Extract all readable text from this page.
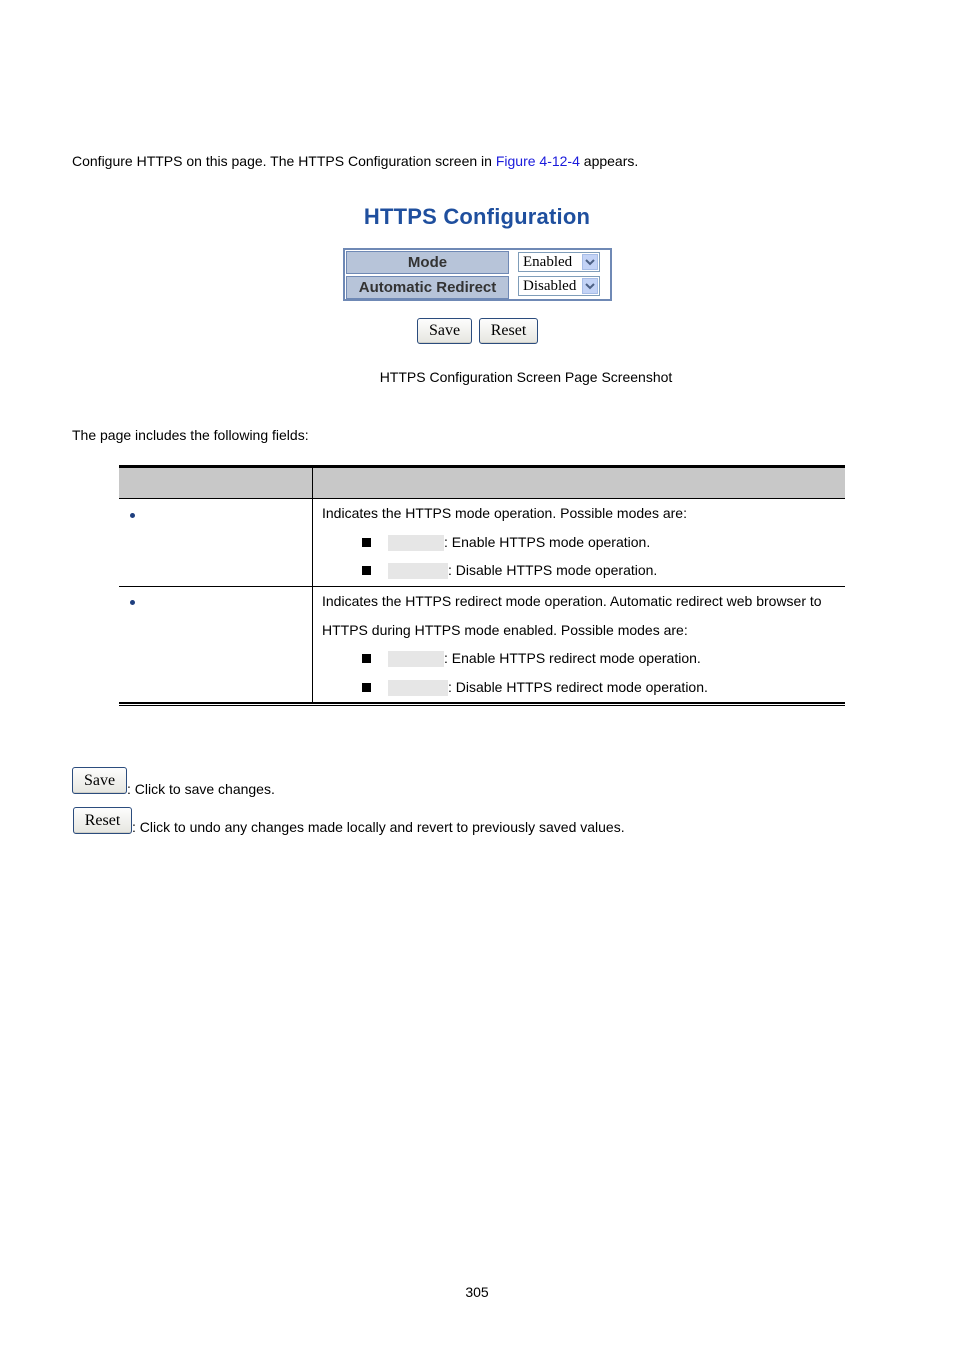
Configure HTTPS on this page. The HTTPS Configuration screen in Figure 4-12-4 appears.
HTTPS Configuration
Mode
Automatic Redirect
Enabled
Disabled
Save	Reset
HTTPS Configuration Screen Page Screenshot
The page includes the following fields:
Indicates the HTTPS mode operation. Possible modes are:
: Enable HTTPS mode operation.
: Disable HTTPS mode operation.
Indicates the HTTPS redirect mode operation. Automatic redirect web browser to
HTTPS during HTTPS mode enabled. Possible modes are:
: Enable HTTPS redirect mode operation.
: Disable HTTPS redirect mode operation.
Save
: Click to save changes.
Reset : Click to undo any changes made locally and revert to previously saved values.
305
